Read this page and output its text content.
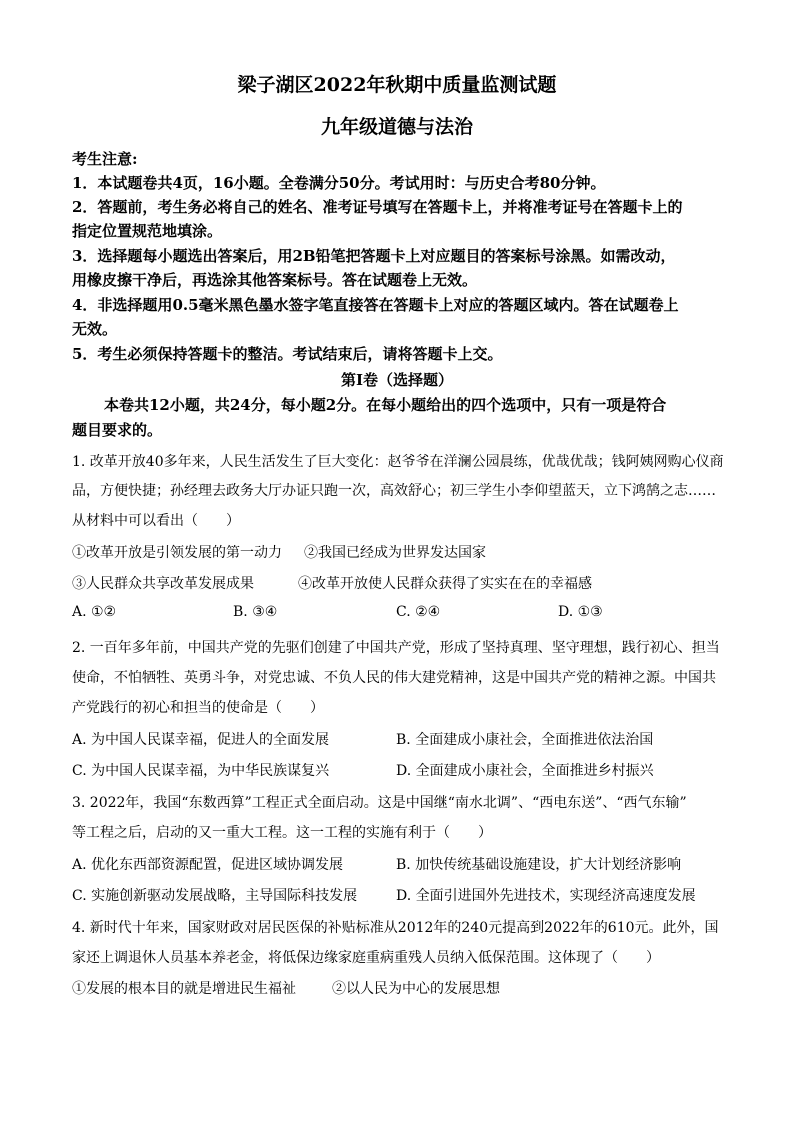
梁子湖区2022年秋期中质量监测试题
九年级道德与法治
考生注意:
1．本试题卷共4页，16小题。全卷满分50分。考试用时：与历史合考80分钟。
2．答题前，考生务必将自己的姓名、准考证号填写在答题卡上，并将准考证号在答题卡上的
指定位置规范地填涂。
3．选择题每小题选出答案后，用2B铅笔把答题卡上对应题目的答案标号涂黑。如需改动，
用橡皮擦干净后，再选涂其他答案标号。答在试题卷上无效。
4．非选择题用0.5毫米黑色墨水签字笔直接答在答题卡上对应的答题区域内。答在试题卷上
无效。
5．考生必须保持答题卡的整洁。考试结束后，请将答题卡上交。
第I卷（选择题）
本卷共12小题，共24分，每小题2分。在每小题给出的四个选项中，只有一项是符合
题目要求的。
1. 改革开放40多年来，人民生活发生了巨大变化：赵爷爷在洋澜公园晨练，优哉优哉；钱阿姨网购心仪商
品，方便快捷；孙经理去政务大厅办证只跑一次，高效舒心；初三学生小李仰望蓝天，立下鸿鹄之志……
从材料中可以看出（　　）
①改革开放是引领发展的第一动力 ②我国已经成为世界发达国家
③人民群众共享改革发展成果	④改革开放使人民群众获得了实实在在的幸福感
A. ①②	B. ③④	C. ②④	D. ①③
2. 一百年多年前，中国共产党的先驱们创建了中国共产党，形成了坚持真理、坚守理想，践行初心、担当
使命，不怕牺牲、英勇斗争，对党忠诚、不负人民的伟大建党精神，这是中国共产党的精神之源。中国共
产党践行的初心和担当的使命是（　　）
A. 为中国人民谋幸福，促进人的全面发展	B. 全面建成小康社会，全面推进依法治国
C. 为中国人民谋幸福，为中华民族谋复兴	D. 全面建成小康社会，全面推进乡村振兴
3. 2022年，我国“东数西算”工程正式全面启动。这是中国继“南水北调”、“西电东送”、“西气东输”
等工程之后，启动的又一重大工程。这一工程的实施有利于（　　）
A. 优化东西部资源配置，促进区域协调发展	B. 加快传统基础设施建设，扩大计划经济影响
C. 实施创新驱动发展战略，主导国际科技发展	D. 全面引进国外先进技术，实现经济高速度发展
4. 新时代十年来，国家财政对居民医保的补贴标准从2012年的240元提高到2022年的610元。此外，国
家还上调退休人员基本养老金，将低保边缘家庭重病重残人员纳入低保范围。这体现了（　　）
①发展的根本目的就是增进民生福祉	②以人民为中心的发展思想
